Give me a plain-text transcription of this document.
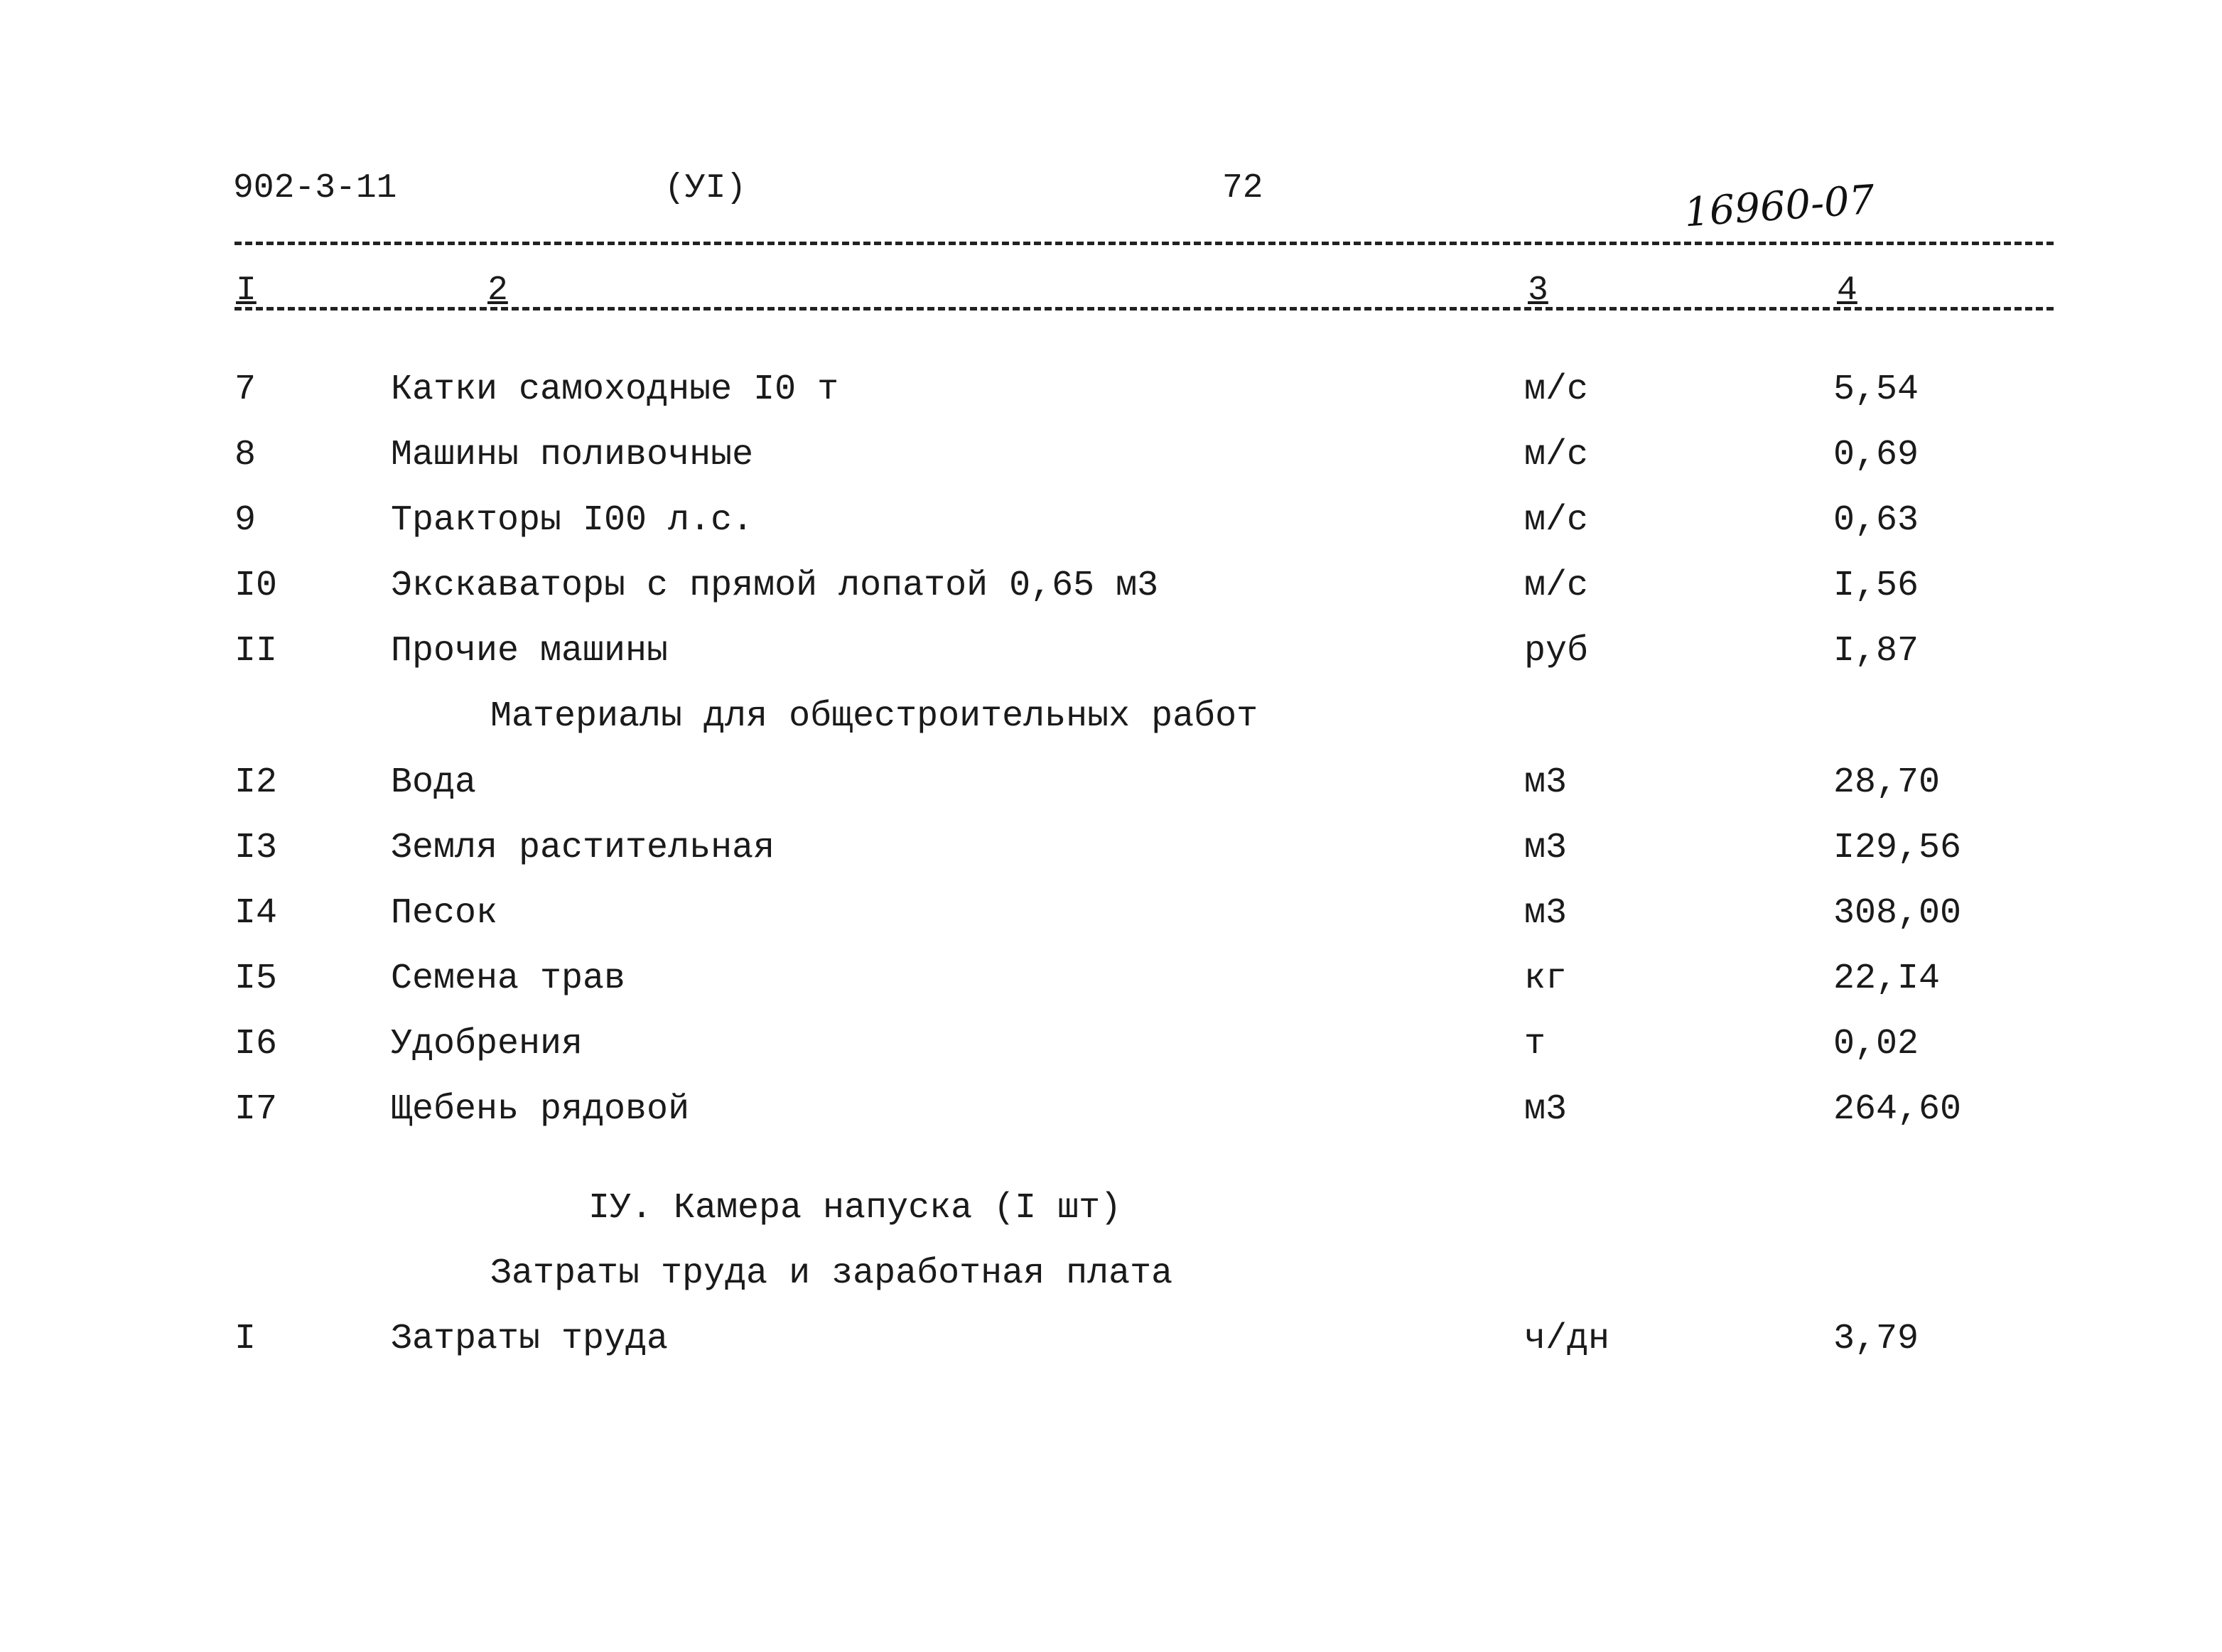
902-3-11	(УI)	72	16960-07
I	2	3	4
7	Катки самоходные I0 т	м/с	5,54
8	Машины поливочные	м/с	0,69
9	Тракторы I00 л.с.	м/с	0,63
I0	Экскаваторы с прямой лопатой 0,65 м3	м/с	I,56
II	Прочие машины	руб	I,87
Материалы для общестроительных работ
I2	Вода	м3	28,70
I3	Земля растительная	м3	I29,56
I4	Песок	м3	308,00
I5	Семена трав	кг	22,I4
I6	Удобрения	т	0,02
I7	Щебень рядовой	м3	264,60
IУ. Камера напуска (I шт)
Затраты труда и заработная плата
I	Затраты труда	ч/дн	3,79
